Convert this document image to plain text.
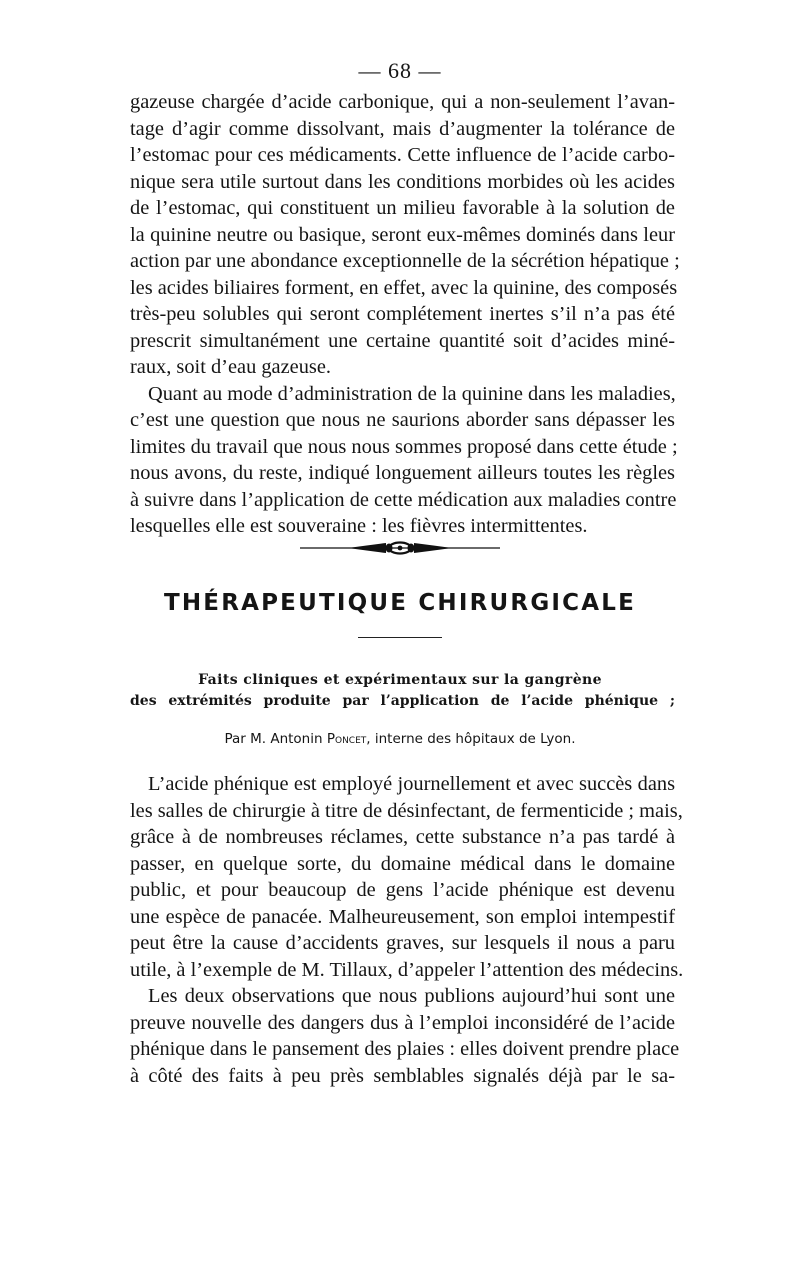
— 68 —
gazeuse chargée d’acide carbonique, qui a non-seulement l’avan-
tage d’agir comme dissolvant, mais d’augmenter la tolérance de
l’estomac pour ces médicaments. Cette influence de l’acide carbo-
nique sera utile surtout dans les conditions morbides où les acides
de l’estomac, qui constituent un milieu favorable à la solution de
la quinine neutre ou basique, seront eux-mêmes dominés dans leur
action par une abondance exceptionnelle de la sécrétion hépatique ;
les acides biliaires forment, en effet, avec la quinine, des composés
très-peu solubles qui seront complétement inertes s’il n’a pas été
prescrit simultanément une certaine quantité soit d’acides miné-
raux, soit d’eau gazeuse.
Quant au mode d’administration de la quinine dans les maladies,
c’est une question que nous ne saurions aborder sans dépasser les
limites du travail que nous nous sommes proposé dans cette étude ;
nous avons, du reste, indiqué longuement ailleurs toutes les règles
à suivre dans l’application de cette médication aux maladies contre
lesquelles elle est souveraine : les fièvres intermittentes.
THÉRAPEUTIQUE CHIRURGICALE
Faits cliniques et expérimentaux sur la gangrène
des extrémités produite par l’application de l’acide phénique ;
Par M. Antonin Poncet, interne des hôpitaux de Lyon.
L’acide phénique est employé journellement et avec succès dans
les salles de chirurgie à titre de désinfectant, de fermenticide ; mais,
grâce à de nombreuses réclames, cette substance n’a pas tardé à
passer, en quelque sorte, du domaine médical dans le domaine
public, et pour beaucoup de gens l’acide phénique est devenu
une espèce de panacée. Malheureusement, son emploi intempestif
peut être la cause d’accidents graves, sur lesquels il nous a paru
utile, à l’exemple de M. Tillaux, d’appeler l’attention des médecins.
Les deux observations que nous publions aujourd’hui sont une
preuve nouvelle des dangers dus à l’emploi inconsidéré de l’acide
phénique dans le pansement des plaies : elles doivent prendre place
à côté des faits à peu près semblables signalés déjà par le sa-
